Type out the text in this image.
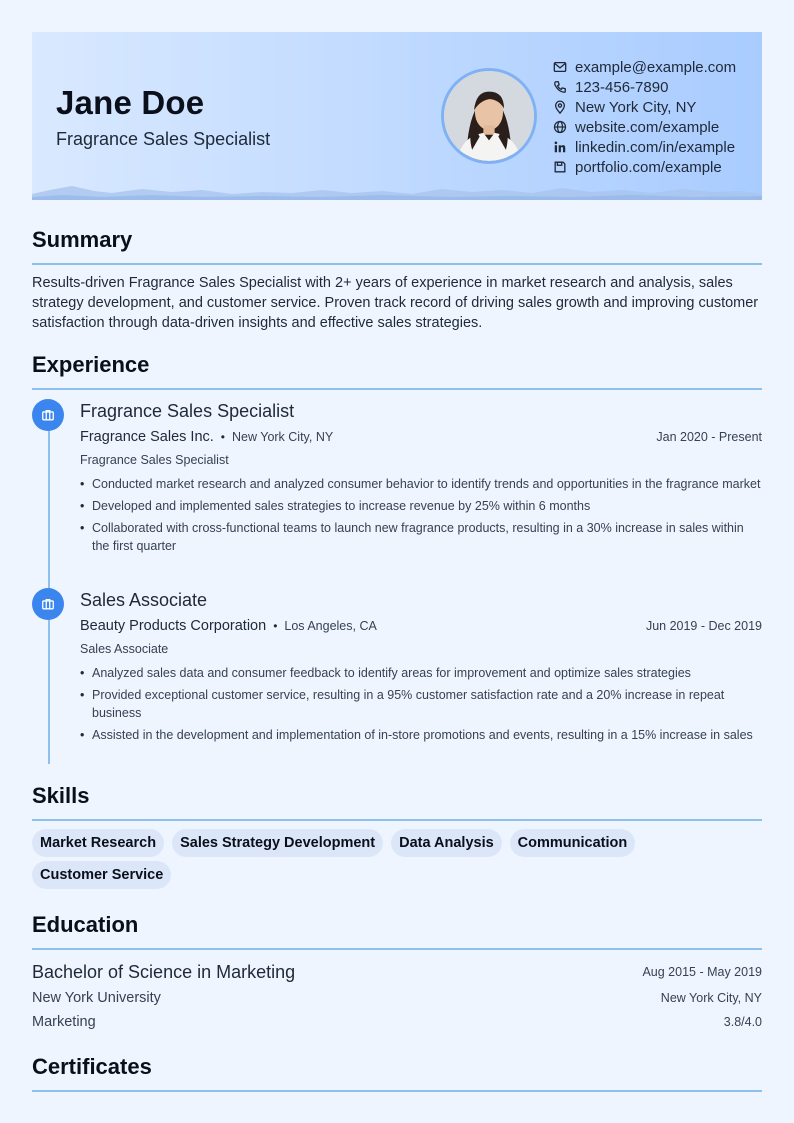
Jane Doe
Fragrance Sales Specialist
example@example.com
123-456-7890
New York City, NY
website.com/example
linkedin.com/in/example
portfolio.com/example
Summary
Results-driven Fragrance Sales Specialist with 2+ years of experience in market research and analysis, sales strategy development, and customer service. Proven track record of driving sales growth and improving customer satisfaction through data-driven insights and effective sales strategies.
Experience
Fragrance Sales Specialist
Fragrance Sales Inc. • New York City, NY	Jan 2020 - Present
Fragrance Sales Specialist
• Conducted market research and analyzed consumer behavior to identify trends and opportunities in the fragrance market
• Developed and implemented sales strategies to increase revenue by 25% within 6 months
• Collaborated with cross-functional teams to launch new fragrance products, resulting in a 30% increase in sales within the first quarter
Sales Associate
Beauty Products Corporation • Los Angeles, CA	Jun 2019 - Dec 2019
Sales Associate
• Analyzed sales data and consumer feedback to identify areas for improvement and optimize sales strategies
• Provided exceptional customer service, resulting in a 95% customer satisfaction rate and a 20% increase in repeat business
• Assisted in the development and implementation of in-store promotions and events, resulting in a 15% increase in sales
Skills
Market Research	Sales Strategy Development	Data Analysis	Communication
Customer Service
Education
Bachelor of Science in Marketing	Aug 2015 - May 2019
New York University	New York City, NY
Marketing	3.8/4.0
Certificates
